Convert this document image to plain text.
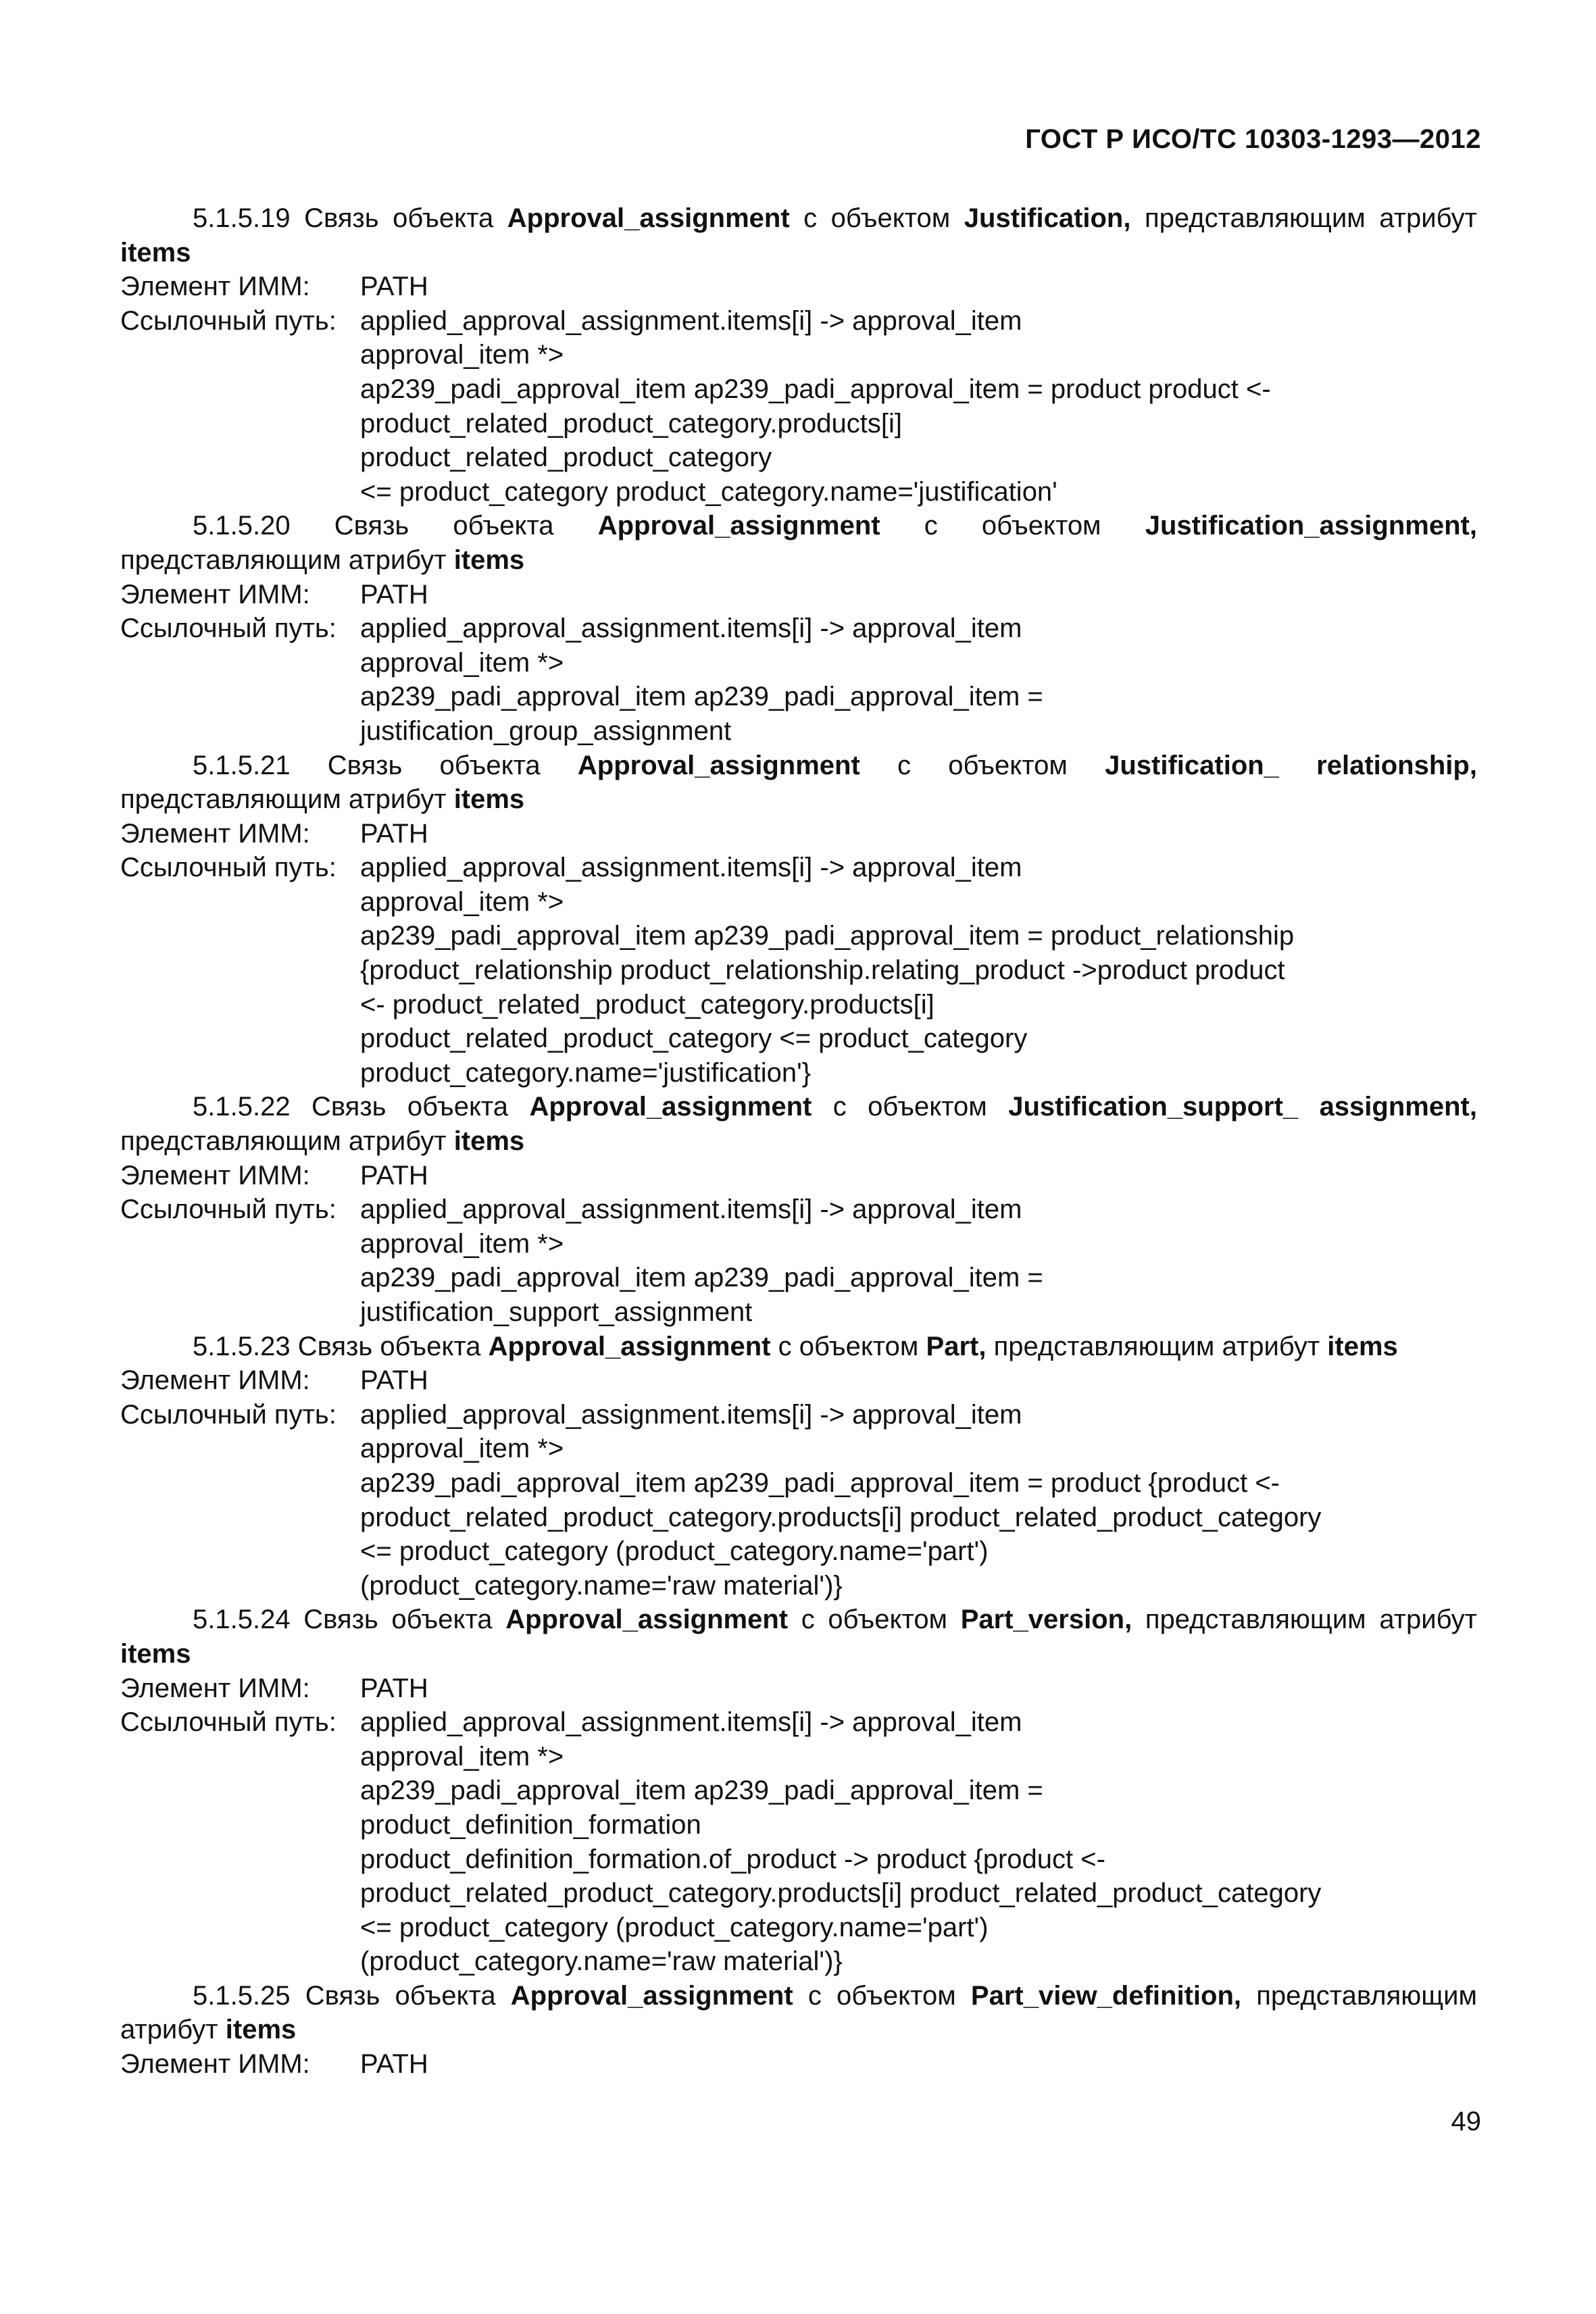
ГОСТ Р ИСО/ТС 10303-1293—2012
5.1.5.19 Связь объекта Approval_assignment с объектом Justification, представляющим атрибут items
Элемент ИММ:	PATH
Ссылочный путь: applied_approval_assignment.items[i] -> approval_item
approval_item *>
ap239_padi_approval_item ap239_padi_approval_item = product product <-
product_related_product_category.products[i]
product_related_product_category
<= product_category product_category.name='justification'
5.1.5.20 Связь объекта Approval_assignment с объектом Justification_assignment, представляющим атрибут items
Элемент ИММ:	PATH
Ссылочный путь: applied_approval_assignment.items[i] -> approval_item
approval_item *>
ap239_padi_approval_item ap239_padi_approval_item =
justification_group_assignment
5.1.5.21 Связь объекта Approval_assignment с объектом Justification_ relationship, представляющим атрибут items
Элемент ИММ:	PATH
Ссылочный путь: applied_approval_assignment.items[i] -> approval_item
approval_item *>
ap239_padi_approval_item ap239_padi_approval_item = product_relationship
{product_relationship product_relationship.relating_product ->product product
<- product_related_product_category.products[i]
product_related_product_category <= product_category
product_category.name='justification'}
5.1.5.22 Связь объекта Approval_assignment с объектом Justification_support_ assignment, представляющим атрибут items
Элемент ИММ:	PATH
Ссылочный путь: applied_approval_assignment.items[i] -> approval_item
approval_item *>
ap239_padi_approval_item ap239_padi_approval_item =
justification_support_assignment
5.1.5.23 Связь объекта Approval_assignment с объектом Part, представляющим атрибут items
Элемент ИММ:	PATH
Ссылочный путь: applied_approval_assignment.items[i] -> approval_item
approval_item *>
ap239_padi_approval_item ap239_padi_approval_item = product {product <-
product_related_product_category.products[i] product_related_product_category
<= product_category (product_category.name='part')
(product_category.name='raw material')}
5.1.5.24 Связь объекта Approval_assignment с объектом Part_version, представляющим атрибут items
Элемент ИММ:	PATH
Ссылочный путь: applied_approval_assignment.items[i] -> approval_item
approval_item *>
ap239_padi_approval_item ap239_padi_approval_item =
product_definition_formation
product_definition_formation.of_product -> product {product <-
product_related_product_category.products[i] product_related_product_category
<= product_category (product_category.name='part')
(product_category.name='raw material')}
5.1.5.25 Связь объекта Approval_assignment с объектом Part_view_definition, представляющим атрибут items
Элемент ИММ:	PATH
49
